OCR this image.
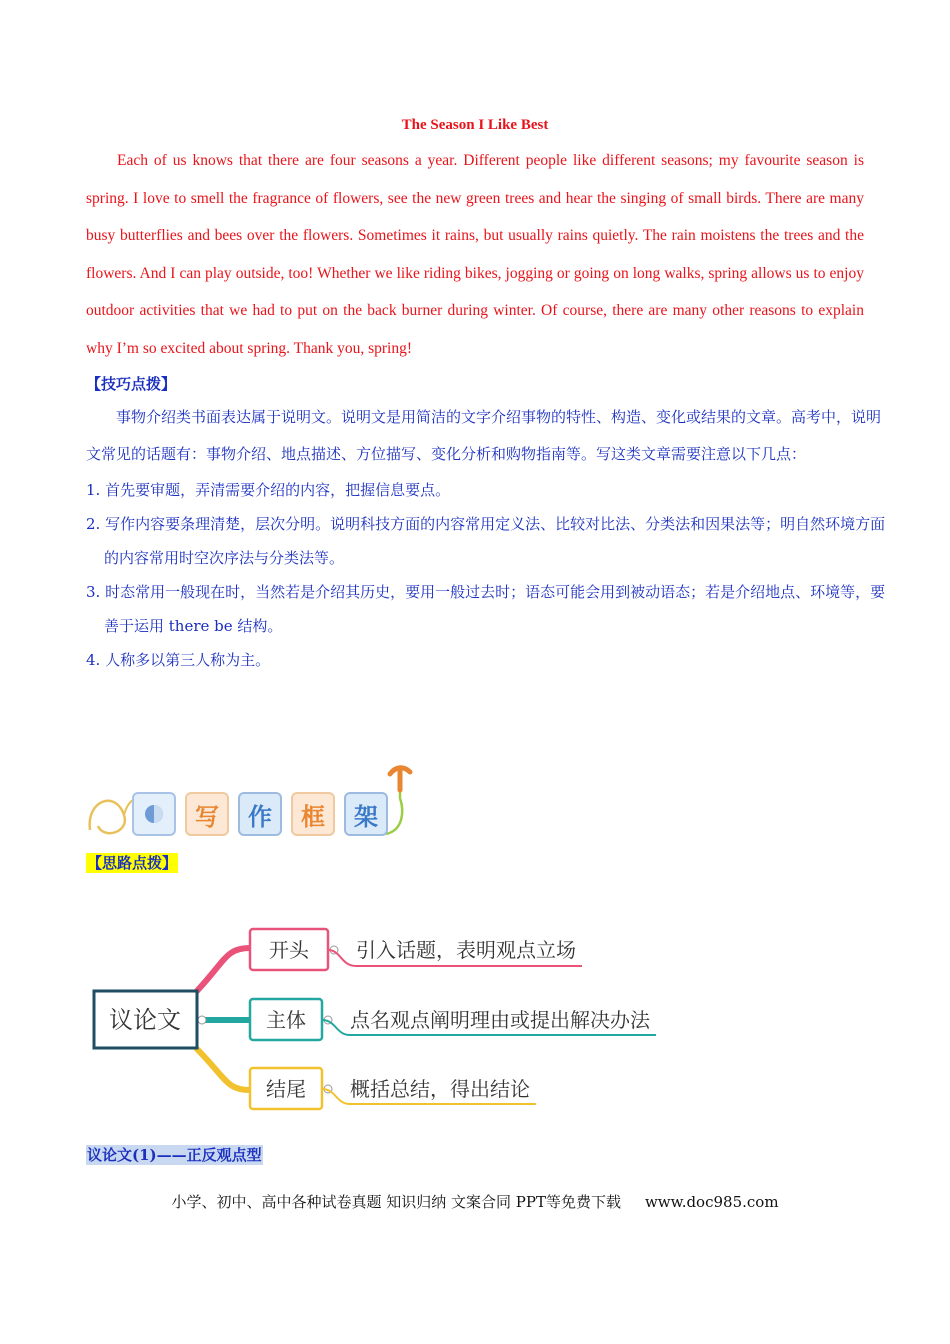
The Season I Like Best

Each of us knows that there are four seasons a year. Different people like different seasons; my favourite season is spring. I love to smell the fragrance of flowers, see the new green trees and hear the singing of small birds. There are many busy butterflies and bees over the flowers. Sometimes it rains, but usually rains quietly. The rain moistens the trees and the flowers. And I can play outside, too! Whether we like riding bikes, jogging or going on long walks, spring allows us to enjoy outdoor activities that we had to put on the back burner during winter. Of course, there are many other reasons to explain why I’m so excited about spring. Thank you, spring!

【技巧点拨】

事物介绍类书面表达属于说明文。说明文是用简洁的文字介绍事物的特性、构造、变化或结果的文章。高考中，说明文常见的话题有：事物介绍、地点描述、方位描写、变化分析和购物指南等。写这类文章需要注意以下几点：

1. 首先要审题，弄清需要介绍的内容，把握信息要点。

2. 写作内容要条理清楚，层次分明。说明科技方面的内容常用定义法、比较对比法、分类法和因果法等；明自然环境方面的内容常用时空次序法与分类法等。

3. 时态常用一般现在时，当然若是介绍其历史，要用一般过去时；语态可能会用到被动语态；若是介绍地点、环境等，要善于运用 there be 结构。

4. 人称多以第三人称为主。

写	作	框	架
【思路点拨】
议论文
开头 引入话题，表明观点立场
主体 点名观点阐明理由或提出解决办法
结尾 概括总结，得出结论
议论文(1)——正反观点型
小学、初中、高中各种试卷真题 知识归纳 文案合同 PPT等免费下载 www.doc985.com
